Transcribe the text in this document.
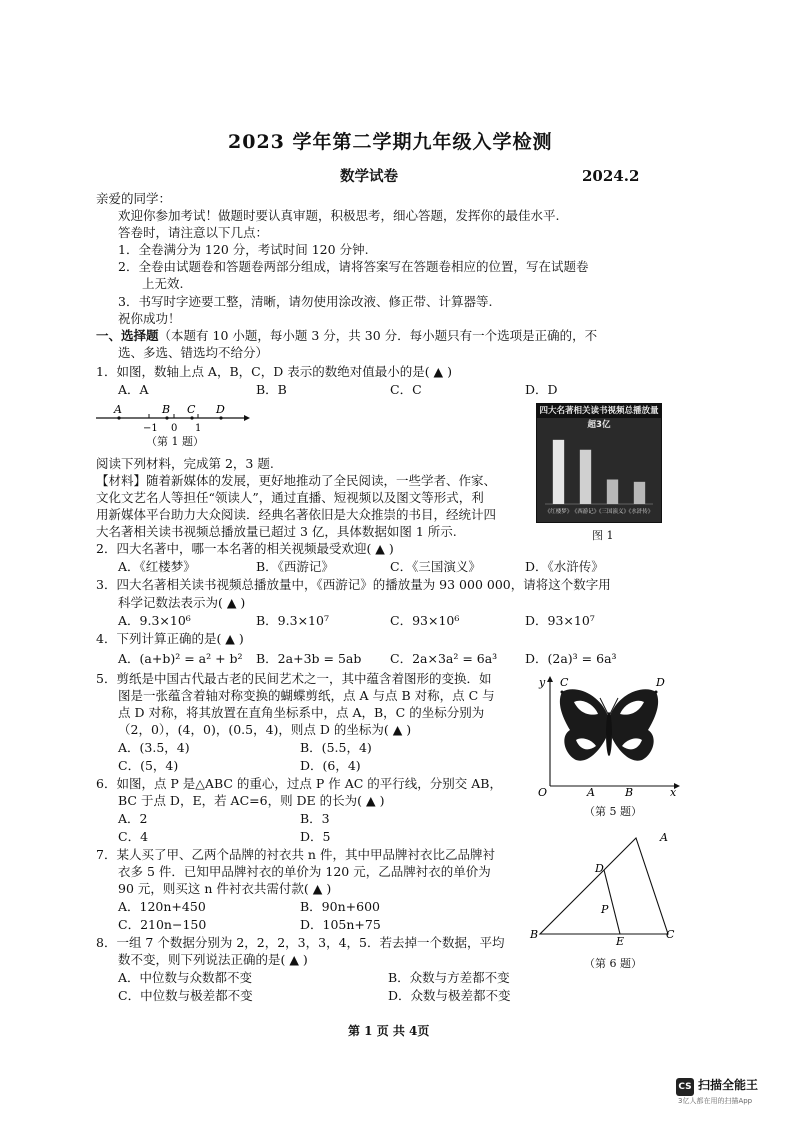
2023 学年第二学期九年级入学检测
数学试卷	2024.2
亲爱的同学：
欢迎你参加考试！做题时要认真审题，积极思考，细心答题，发挥你的最佳水平.
答卷时，请注意以下几点：
1．全卷满分为 120 分，考试时间 120 分钟.
2．全卷由试题卷和答题卷两部分组成，请将答案写在答题卷相应的位置，写在试题卷
上无效.
3．书写时字迹要工整，清晰，请勿使用涂改液、修正带、计算器等.
祝你成功！
一、选择题（本题有 10 小题，每小题 3 分，共 30 分．每小题只有一个选项是正确的，不
选、多选、错选均不给分）
1．如图，数轴上点 A，B，C，D 表示的数绝对值最小的是( ▲ )
A．A	B．B	C．C	D．D
A	B C D
−1 0 1
（第 1 题）
阅读下列材料，完成第 2，3 题.
【材料】随着新媒体的发展，更好地推动了全民阅读，一些学者、作家、
文化文艺名人等担任“领读人”，通过直播、短视频以及图文等形式，利
用新媒体平台助力大众阅读．经典名著依旧是大众推崇的书目，经统计四
大名著相关读书视频总播放量已超过 3 亿，具体数据如图 1 所示.
四大名著相关读书视频总播放量超3亿
《红楼梦》 《西游记》
《三国演义》
《水浒传》
图 1
2．四大名著中，哪一本名著的相关视频最受欢迎( ▲ )
A．《红楼梦》	B．《西游记》	C．《三国演义》	D．《水浒传》
3．四大名著相关读书视频总播放量中，《西游记》的播放量为 93 000 000，请将这个数字用
科学记数法表示为( ▲ )
A．9.3×10⁶	B．9.3×10⁷	C．93×10⁶	D．93×10⁷
4．下列计算正确的是( ▲ )
A．(a+b)² = a² + b² B．2a+3b = 5ab C．2a×3a² = 6a³ D．(2a)³ = 6a³
5．剪纸是中国古代最古老的民间艺术之一，其中蕴含着图形的变换．如
图是一张蕴含着轴对称变换的蝴蝶剪纸，点 A 与点 B 对称，点 C 与
点 D 对称，将其放置在直角坐标系中，点 A，B，C 的坐标分别为
（2，0），(4，0)，(0.5，4)，则点 D 的坐标为( ▲ )
A．(3.5，4)	B．(5.5，4)
C．(5，4)	D．(6，4)
y C	D
O	A	B	x
（第 5 题）
6．如图，点 P 是△ABC 的重心，过点 P 作 AC 的平行线，分别交 AB，
BC 于点 D，E，若 AC=6，则 DE 的长为( ▲ )
A．2	B．3
C．4	D．5	A
D
P
B
E
C
（第 6 题）
7．某人买了甲、乙两个品牌的衬衣共 n 件，其中甲品牌衬衣比乙品牌衬
衣多 5 件．已知甲品牌衬衣的单价为 120 元，乙品牌衬衣的单价为
90 元，则买这 n 件衬衣共需付款( ▲ )
A．120n+450	B．90n+600
C．210n−150	D．105n+75
8．一组 7 个数据分别为 2，2，2，3，3，4，5．若去掉一个数据，平均
数不变，则下列说法正确的是( ▲ )
A．中位数与众数都不变	B．众数与方差都不变
C．中位数与极差都不变	D．众数与极差都不变
第 1 页 共 4页
CS 扫描全能王
3亿人都在用的扫描App
